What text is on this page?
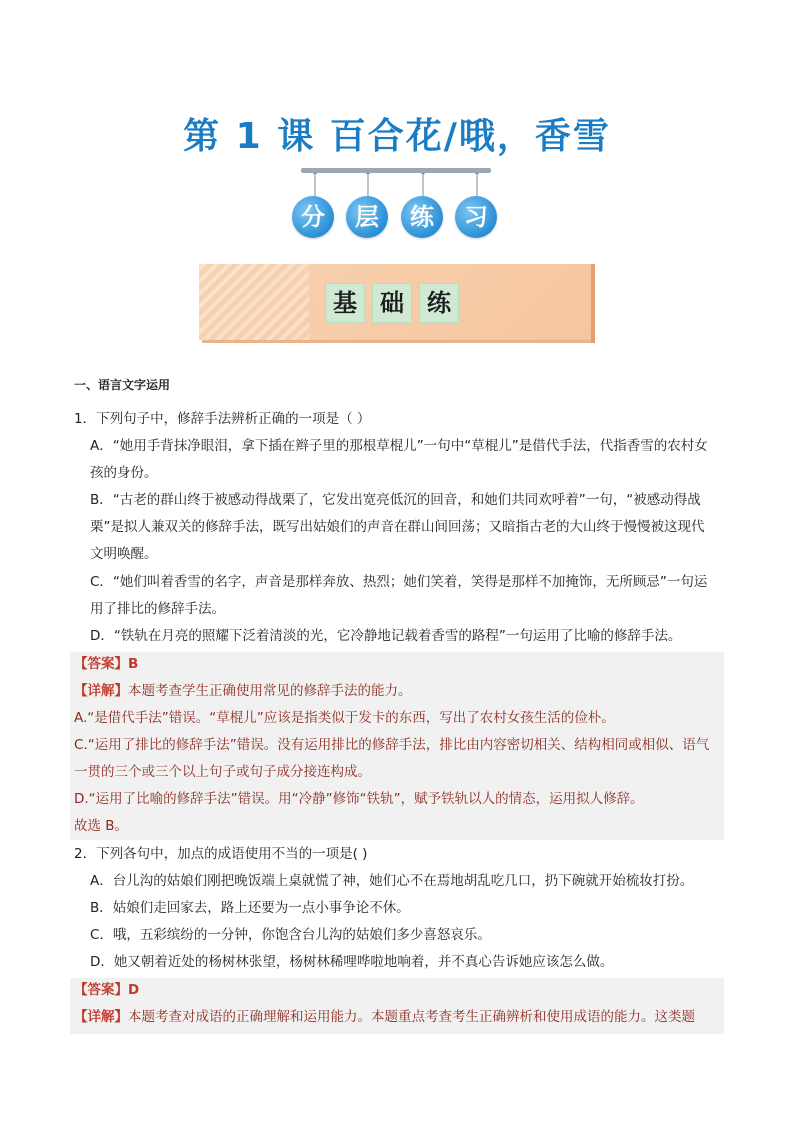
第 1 课 百合花/哦，香雪
分	层	练	习
基 础 练
一、语言文字运用
1．下列句子中，修辞手法辨析正确的一项是（ ）
A．“她用手背抹净眼泪，拿下插在辫子里的那根草棍儿”一句中“草棍儿”是借代手法，代指香雪的农村女
孩的身份。
B．“古老的群山终于被感动得战栗了，它发出宽亮低沉的回音，和她们共同欢呼着”一句，“被感动得战
栗”是拟人兼双关的修辞手法，既写出姑娘们的声音在群山间回荡；又暗指古老的大山终于慢慢被这现代
文明唤醒。
C．“她们叫着香雪的名字，声音是那样奔放、热烈；她们笑着，笑得是那样不加掩饰，无所顾忌”一句运
用了排比的修辞手法。
D．“铁轨在月亮的照耀下泛着清淡的光，它冷静地记载着香雪的路程”一句运用了比喻的修辞手法。
【答案】B
【详解】本题考查学生正确使用常见的修辞手法的能力。
A.“是借代手法”错误。“草棍儿”应该是指类似于发卡的东西，写出了农村女孩生活的俭朴。
C.“运用了排比的修辞手法”错误。没有运用排比的修辞手法，排比由内容密切相关、结构相同或相似、语气
一贯的三个或三个以上句子或句子成分接连构成。
D.“运用了比喻的修辞手法”错误。用“冷静”修饰“铁轨”，赋予铁轨以人的情态，运用拟人修辞。
故选 B。
2．下列各句中，加点的成语使用不当的一项是( )
A．台儿沟的姑娘们刚把晚饭端上桌就慌了神，她们心不在焉地胡乱吃几口，扔下碗就开始梳妆打扮。
B．姑娘们走回家去，路上还要为一点小事争论不休。
C．哦，五彩缤纷的一分钟，你饱含台儿沟的姑娘们多少喜怒哀乐。
D．她又朝着近处的杨树林张望，杨树林稀哩哗啦地响着，并不真心告诉她应该怎么做。
【答案】D
【详解】本题考查对成语的正确理解和运用能力。本题重点考查考生正确辨析和使用成语的能力。这类题
